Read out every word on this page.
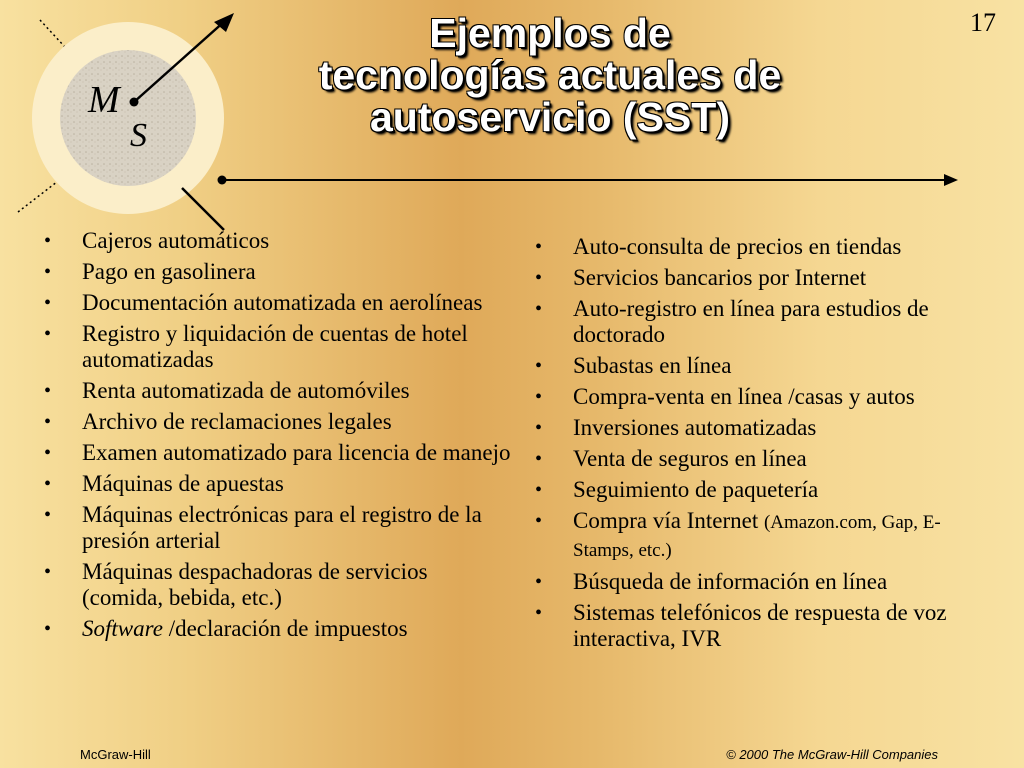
M
S
17
Ejemplos de
tecnologías actuales de
autoservicio (SST)
• Cajeros automáticos
• Pago en gasolinera
• Documentación automatizada en aerolíneas
• Registro y liquidación de cuentas de hotel automatizadas
• Renta automatizada de automóviles
• Archivo de reclamaciones legales
• Examen automatizado para licencia de manejo
• Máquinas de apuestas
• Máquinas electrónicas para el registro de la presión arterial
• Máquinas despachadoras de servicios (comida, bebida, etc.)
• Software /declaración de impuestos
• Auto-consulta de precios en tiendas
• Servicios bancarios por Internet
• Auto-registro en línea para estudios de doctorado
• Subastas en línea
• Compra-venta en línea /casas y autos
• Inversiones automatizadas
• Venta de seguros en línea
• Seguimiento de paquetería
• Compra vía Internet (Amazon.com, Gap, E-Stamps, etc.)
• Búsqueda de información en línea
• Sistemas telefónicos de respuesta de voz interactiva, IVR
McGraw-Hill	© 2000 The McGraw-Hill Companies
